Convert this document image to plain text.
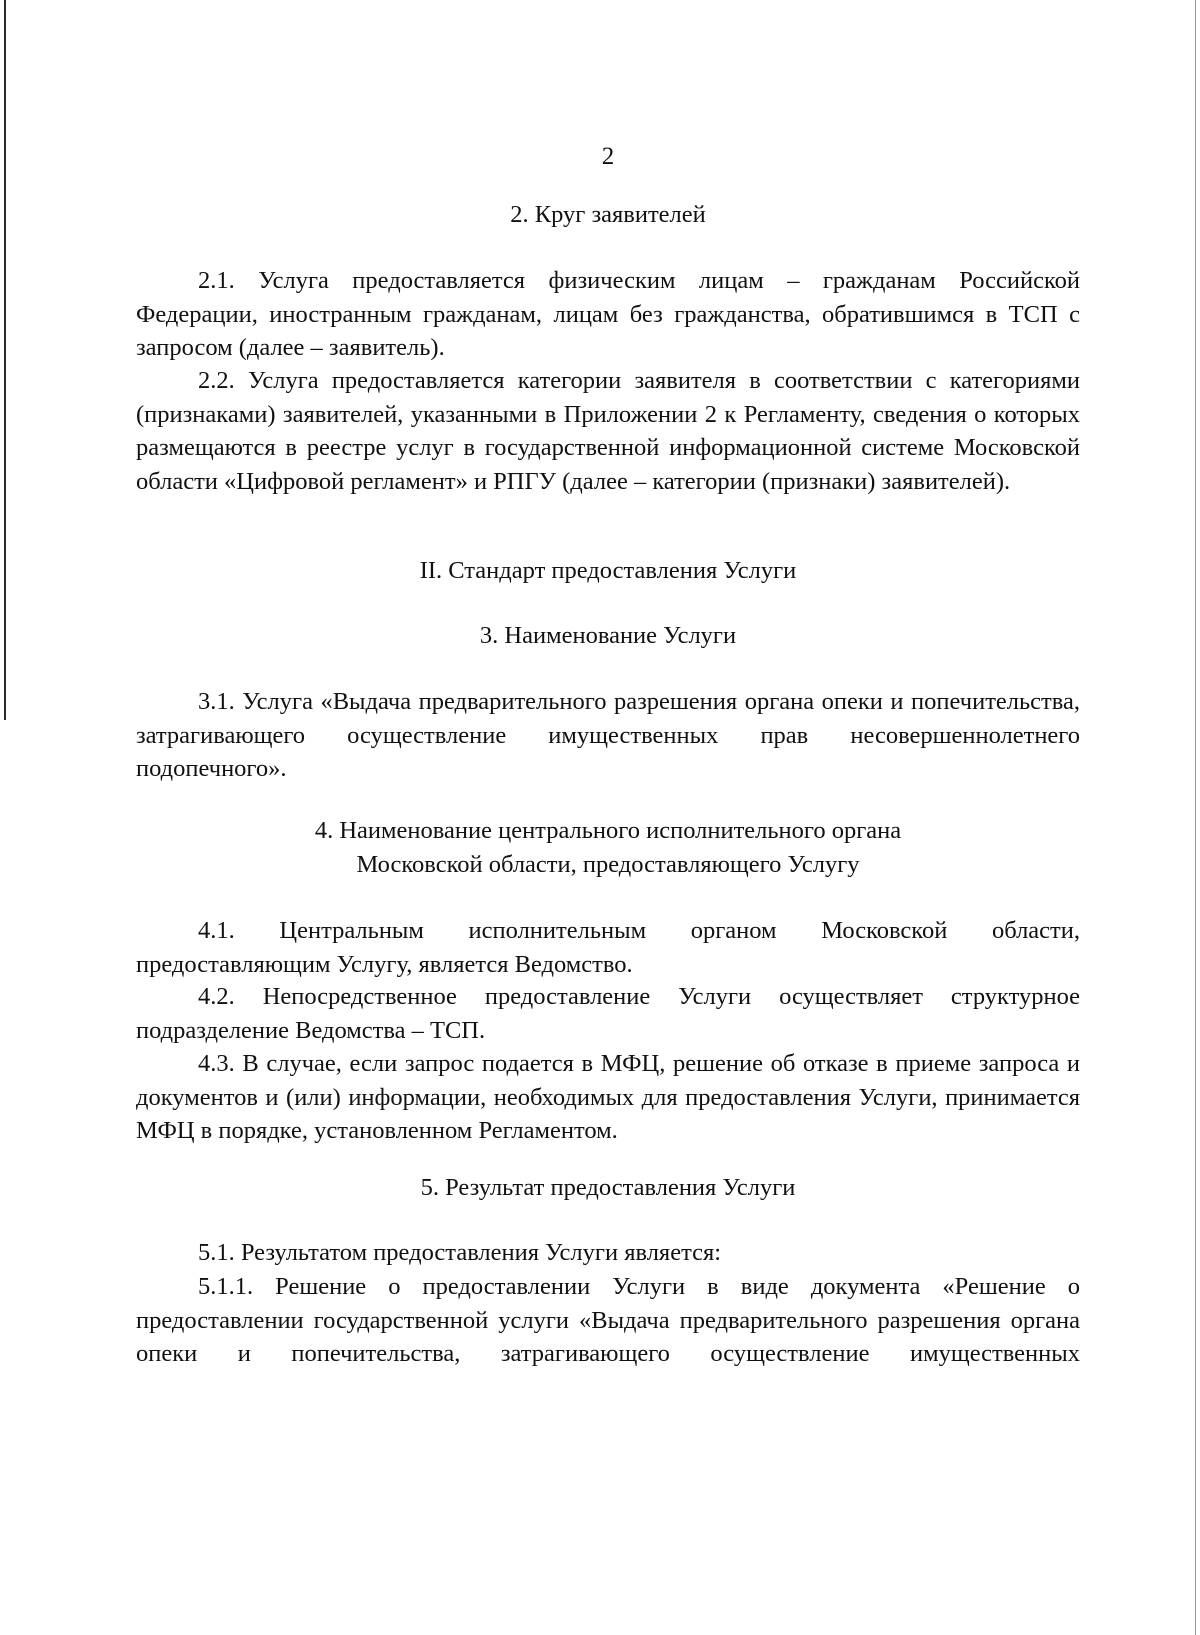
2

2. Круг заявителей

2.1. Услуга предоставляется физическим лицам – гражданам Российской Федерации, иностранным гражданам, лицам без гражданства, обратившимся в ТСП с запросом (далее – заявитель).

2.2. Услуга предоставляется категории заявителя в соответствии с категориями (признаками) заявителей, указанными в Приложении 2 к Регламенту, сведения о которых размещаются в реестре услуг в государственной информационной системе Московской области «Цифровой регламент» и РПГУ (далее – категории (признаки) заявителей).

II. Стандарт предоставления Услуги
3. Наименование Услуги

3.1. Услуга «Выдача предварительного разрешения органа опеки и попечительства, затрагивающего осуществление имущественных прав несовершеннолетнего подопечного».

4. Наименование центрального исполнительного органа
Московской области, предоставляющего Услугу

4.1. Центральным исполнительным органом Московской области, предоставляющим Услугу, является Ведомство.

4.2. Непосредственное предоставление Услуги осуществляет структурное подразделение Ведомства – ТСП.

4.3. В случае, если запрос подается в МФЦ, решение об отказе в приеме запроса и документов и (или) информации, необходимых для предоставления Услуги, принимается МФЦ в порядке, установленном Регламентом.

5. Результат предоставления Услуги

5.1. Результатом предоставления Услуги является:

5.1.1. Решение о предоставлении Услуги в виде документа «Решение о предоставлении государственной услуги «Выдача предварительного разрешения органа опеки и попечительства, затрагивающего осуществление имущественных
